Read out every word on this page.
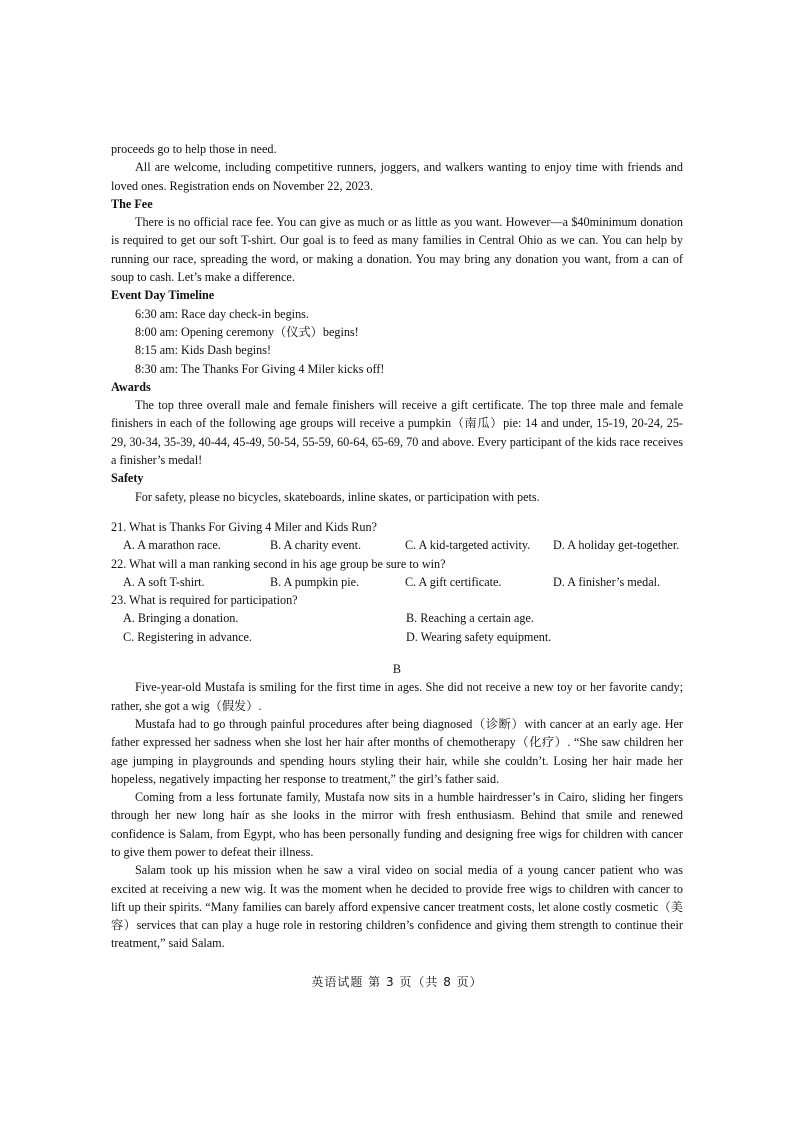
proceeds go to help those in need.

All are welcome, including competitive runners, joggers, and walkers wanting to enjoy time with friends and loved ones. Registration ends on November 22, 2023.

The Fee

There is no official race fee. You can give as much or as little as you want. However—a $40minimum donation is required to get our soft T-shirt. Our goal is to feed as many families in Central Ohio as we can. You can help by running our race, spreading the word, or making a donation. You may bring any donation you want, from a can of soup to cash. Let’s make a difference.

Event Day Timeline

6:30 am: Race day check-in begins.

8:00 am: Opening ceremony（仪式）begins!

8:15 am: Kids Dash begins!

8:30 am: The Thanks For Giving 4 Miler kicks off!

Awards

The top three overall male and female finishers will receive a gift certificate. The top three male and female finishers in each of the following age groups will receive a pumpkin（南瓜）pie: 14 and under, 15-19, 20-24, 25-29, 30-34, 35-39, 40-44, 45-49, 50-54, 55-59, 60-64, 65-69, 70 and above. Every participant of the kids race receives a finisher’s medal!

Safety

For safety, please no bicycles, skateboards, inline skates, or participation with pets.

21. What is Thanks For Giving 4 Miler and Kids Run?

A. A marathon race.	B. A charity event.	C. A kid-targeted activity.	D. A holiday get-together.

22. What will a man ranking second in his age group be sure to win?

A. A soft T-shirt.	B. A pumpkin pie.	C. A gift certificate.	D. A finisher’s medal.

23. What is required for participation?

A. Bringing a donation.	B. Reaching a certain age.
C. Registering in advance.	D. Wearing safety equipment.

B

Five-year-old Mustafa is smiling for the first time in ages. She did not receive a new toy or her favorite candy; rather, she got a wig（假发）.

Mustafa had to go through painful procedures after being diagnosed（诊断）with cancer at an early age. Her father expressed her sadness when she lost her hair after months of chemotherapy（化疗）. “She saw children her age jumping in playgrounds and spending hours styling their hair, while she couldn’t. Losing her hair made her hopeless, negatively impacting her response to treatment,” the girl’s father said.

Coming from a less fortunate family, Mustafa now sits in a humble hairdresser’s in Cairo, sliding her fingers through her new long hair as she looks in the mirror with fresh enthusiasm. Behind that smile and renewed confidence is Salam, from Egypt, who has been personally funding and designing free wigs for children with cancer to give them power to defeat their illness.

Salam took up his mission when he saw a viral video on social media of a young cancer patient who was excited at receiving a new wig. It was the moment when he decided to provide free wigs to children with cancer to lift up their spirits. “Many families can barely afford expensive cancer treatment costs, let alone costly cosmetic（美容）services that can play a huge role in restoring children’s confidence and giving them strength to continue their treatment,” said Salam.

英语试题 第 3 页（共 8 页）
